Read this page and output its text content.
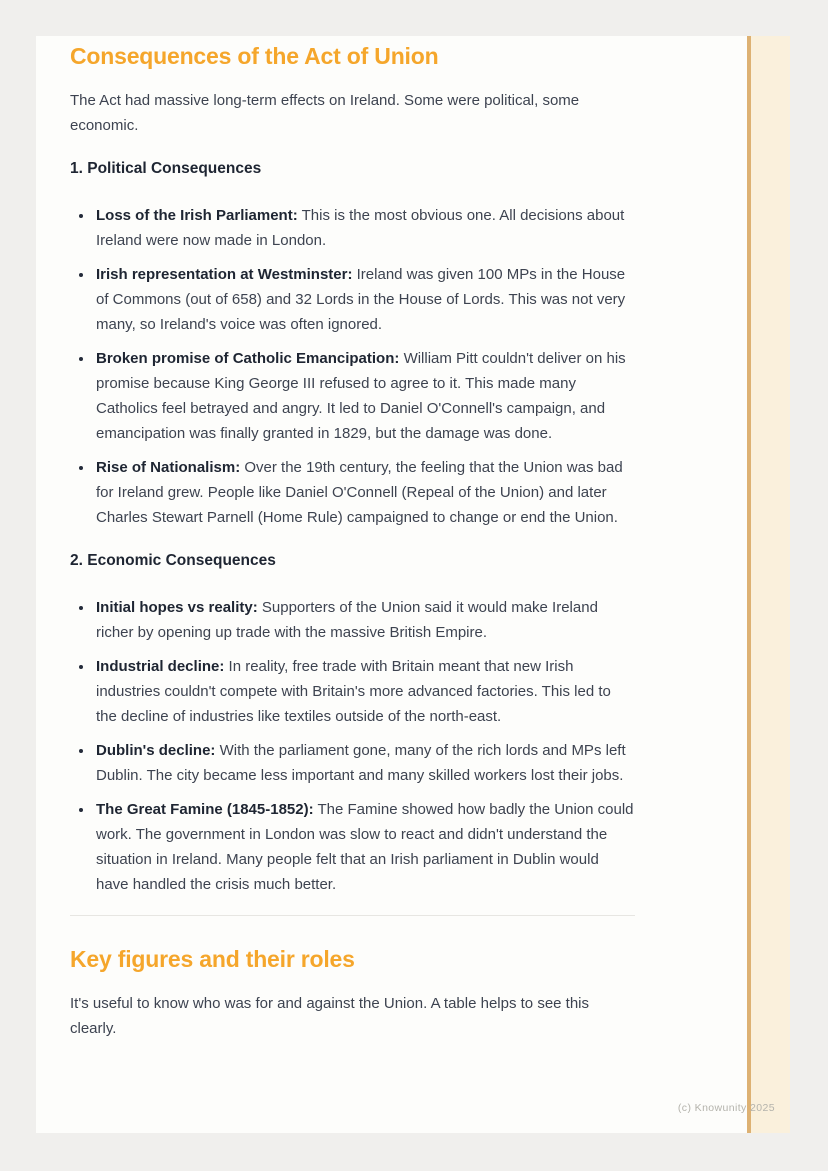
Consequences of the Act of Union

The Act had massive long-term effects on Ireland. Some were political, some economic.

1. Political Consequences
• Loss of the Irish Parliament: This is the most obvious one. All decisions about Ireland were now made in London.
• Irish representation at Westminster: Ireland was given 100 MPs in the House of Commons (out of 658) and 32 Lords in the House of Lords. This was not very many, so Ireland's voice was often ignored.
• Broken promise of Catholic Emancipation: William Pitt couldn't deliver on his promise because King George III refused to agree to it. This made many Catholics feel betrayed and angry. It led to Daniel O'Connell's campaign, and emancipation was finally granted in 1829, but the damage was done.
• Rise of Nationalism: Over the 19th century, the feeling that the Union was bad for Ireland grew. People like Daniel O'Connell (Repeal of the Union) and later Charles Stewart Parnell (Home Rule) campaigned to change or end the Union.
2. Economic Consequences
• Initial hopes vs reality: Supporters of the Union said it would make Ireland richer by opening up trade with the massive British Empire.
• Industrial decline: In reality, free trade with Britain meant that new Irish industries couldn't compete with Britain's more advanced factories. This led to the decline of industries like textiles outside of the north-east.
• Dublin's decline: With the parliament gone, many of the rich lords and MPs left Dublin. The city became less important and many skilled workers lost their jobs.
• The Great Famine (1845-1852): The Famine showed how badly the Union could work. The government in London was slow to react and didn't understand the situation in Ireland. Many people felt that an Irish parliament in Dublin would have handled the crisis much better.
Key figures and their roles

It's useful to know who was for and against the Union. A table helps to see this clearly.

(c) Knowunity 2025
